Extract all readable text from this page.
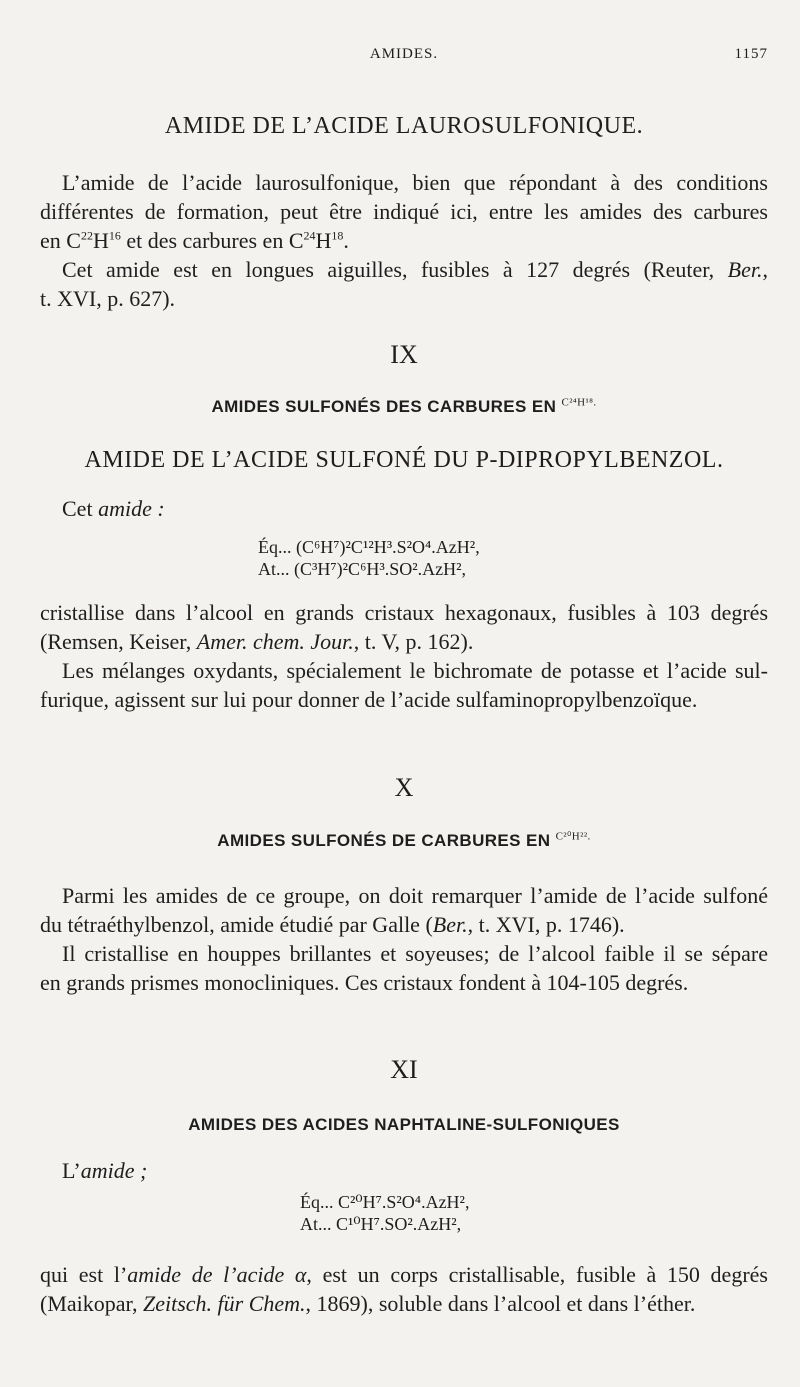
AMIDES.	1157
AMIDE DE L’ACIDE LAUROSULFONIQUE.
L’amide de l’acide laurosulfonique, bien que répondant à des conditions
différentes de formation, peut être indiqué ici, entre les amides des carbures
en $C^{22}H^{16}$ et des carbures en $C^{24}H^{18}$.
Cet amide est en longues aiguilles, fusibles à 127 degrés (Reuter, Ber.,
t. XVI, p. 627).
IX
AMIDES SULFONÉS DES CARBURES EN $^{C^{24}H^{18}.}$
AMIDE DE L’ACIDE SULFONÉ DU P-DIPROPYLBENZOL.
Cet amide :
Éq... (C⁶H⁷)²C¹²H³.S²O⁴.AzH²,
At... (C³H⁷)²C⁶H³.SO².AzH²,
cristallise dans l’alcool en grands cristaux hexagonaux, fusibles à 103 degrés
(Remsen, Keiser, Amer. chem. Jour., t. V, p. 162).
Les mélanges oxydants, spécialement le bichromate de potasse et l’acide sul-
furique, agissent sur lui pour donner de l’acide sulfaminopropylbenzoïque.
X
AMIDES SULFONÉS DE CARBURES EN $^{C^{20}H^{22}.}$
Parmi les amides de ce groupe, on doit remarquer l’amide de l’acide sulfoné
du tétraéthylbenzol, amide étudié par Galle (Ber., t. XVI, p. 1746).
Il cristallise en houppes brillantes et soyeuses; de l’alcool faible il se sépare
en grands prismes monocliniques. Ces cristaux fondent à 104-105 degrés.
XI
AMIDES DES ACIDES NAPHTALINE-SULFONIQUES
L’amide ;
Éq... C²⁰H⁷.S²O⁴.AzH²,
At... C¹⁰H⁷.SO².AzH²,
qui est l’amide de l’acide α, est un corps cristallisable, fusible à 150 degrés
(Maikopar, Zeitsch. für Chem., 1869), soluble dans l’alcool et dans l’éther.
